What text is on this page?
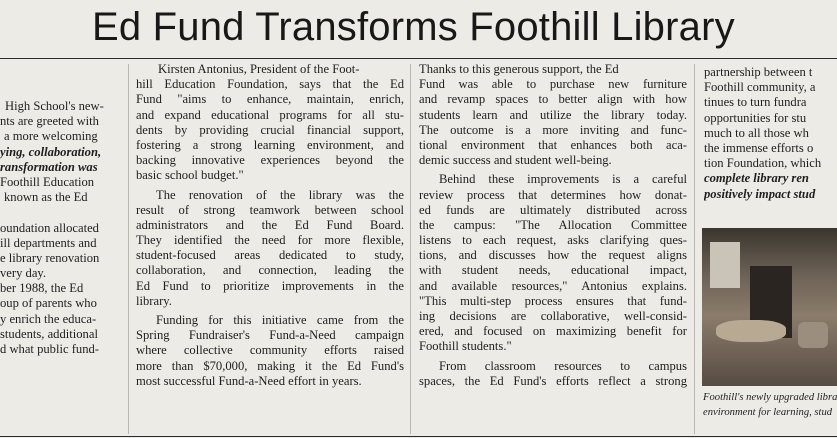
Ed Fund Transforms Foothill Library
High School's new-
nts are greeted with
a more welcoming
ying, collaboration,
ransformation was
Foothill Education
known as the Ed
oundation allocated
ill departments and
e library renovation
very day.
ber 1988, the Ed
oup of parents who
y enrich the educa-
students, additional
d what public fund-
Kirsten Antonius, President of the Foot-
hill Education Foundation, says that the Ed
Fund "aims to enhance, maintain, enrich,
and expand educational programs for all stu-
dents by providing crucial financial support,
fostering a strong learning environment, and
backing innovative experiences beyond the
basic school budget."
The renovation of the library was the
result of strong teamwork between school
administrators and the Ed Fund Board.
They identified the need for more flexible,
student-focused areas dedicated to study,
collaboration, and connection, leading the
Ed Fund to prioritize improvements in the
library.
Funding for this initiative came from the
Spring Fundraiser's Fund-a-Need campaign
where collective community efforts raised
more than $70,000, making it the Ed Fund's
most successful Fund-a-Need effort in years.
Thanks to this generous support, the Ed
Fund was able to purchase new furniture
and revamp spaces to better align with how
students learn and utilize the library today.
The outcome is a more inviting and func-
tional environment that enhances both aca-
demic success and student well-being.
Behind these improvements is a careful
review process that determines how donat-
ed funds are ultimately distributed across
the campus: "The Allocation Committee
listens to each request, asks clarifying ques-
tions, and discusses how the request aligns
with student needs, educational impact,
and available resources," Antonius explains.
"This multi-step process ensures that fund-
ing decisions are collaborative, well-consid-
ered, and focused on maximizing benefit for
Foothill students."
From classroom resources to campus
spaces, the Ed Fund's efforts reflect a strong
partnership between t
Foothill community, a
tinues to turn fundra
opportunities for stu
much to all those wh
the immense efforts o
tion Foundation, which
complete library ren
positively impact stud
Foothill's newly upgraded libra
environment for learning, stud
